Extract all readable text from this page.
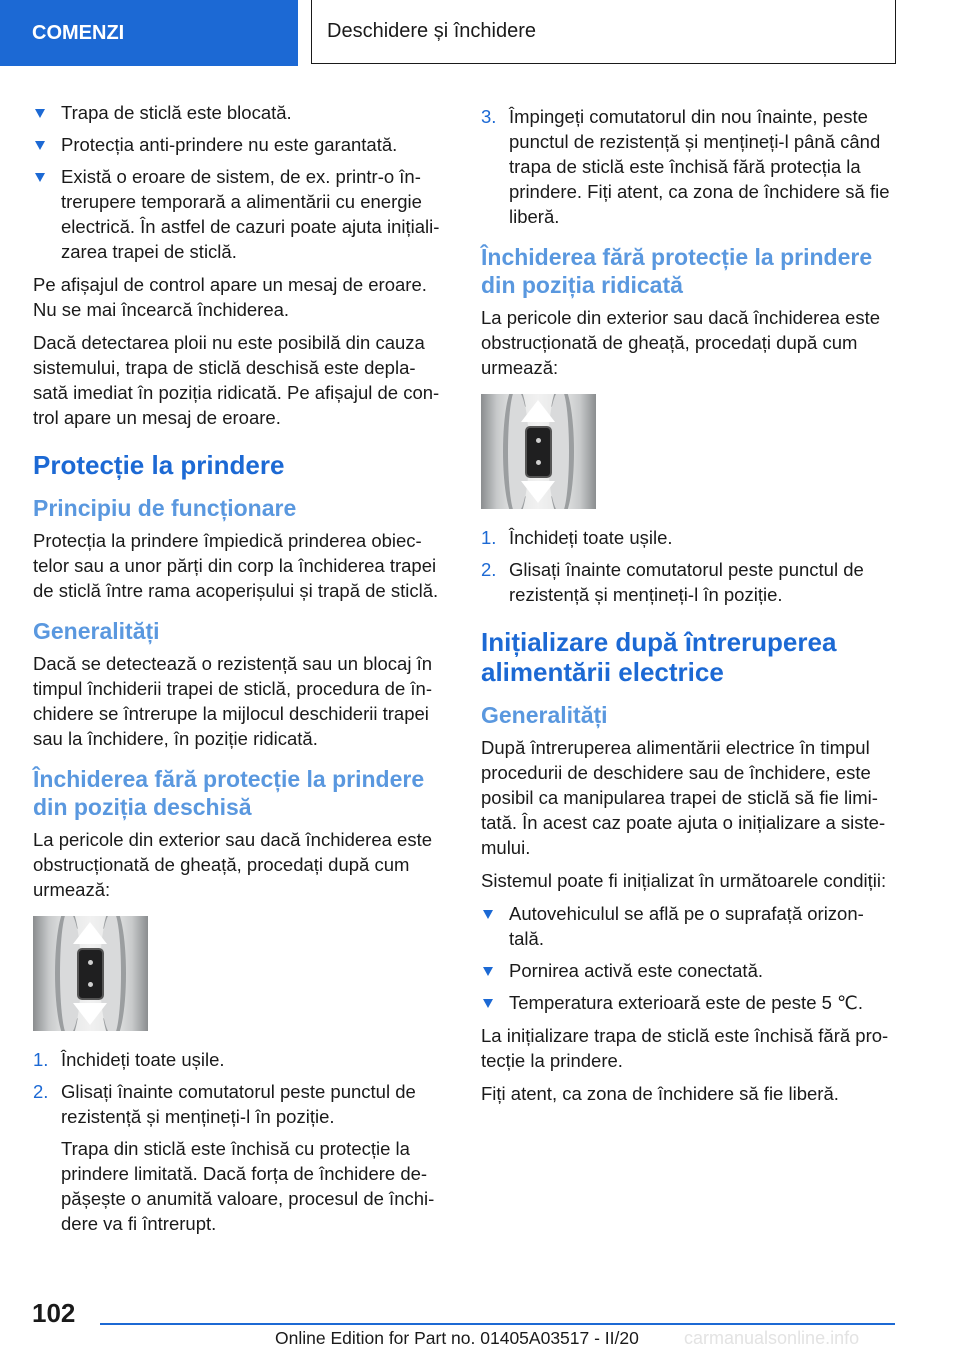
COMENZI	Deschidere și închidere
Trapa de sticlă este blocată.
Protecția anti-prindere nu este garantată.
Există o eroare de sistem, de ex. printr-o în-trerupere temporară a alimentării cu energie electrică. În astfel de cazuri poate ajuta inițiali-zarea trapei de sticlă.

Pe afișajul de control apare un mesaj de eroare. Nu se mai încearcă închiderea.

Dacă detectarea ploii nu este posibilă din cauza sistemului, trapa de sticlă deschisă este depla-sată imediat în poziția ridicată. Pe afișajul de con-trol apare un mesaj de eroare.

Protecție la prindere
Principiu de funcționare

Protecția la prindere împiedică prinderea obiec-telor sau a unor părți din corp la închiderea trapei de sticlă între rama acoperișului și trapă de sticlă.

Generalități

Dacă se detectează o rezistență sau un blocaj în timpul închiderii trapei de sticlă, procedura de în-chidere se întrerupe la mijlocul deschiderii trapei sau la închidere, în poziție ridicată.

Închiderea fără protecție la prindere din poziția deschisă

La pericole din exterior sau dacă închiderea este obstrucționată de gheață, procedați după cum urmează:

1. Închideți toate ușile.
2. Glisați înainte comutatorul peste punctul de rezistență și mențineți-l în poziție.
Trapa din sticlă este închisă cu protecție la prindere limitată. Dacă forța de închidere de-pășește o anumită valoare, procesul de închi-dere va fi întrerupt.
3. Împingeți comutatorul din nou înainte, peste punctul de rezistență și mențineți-l până când trapa de sticlă este închisă fără protecția la prindere. Fiți atent, ca zona de închidere să fie liberă.
Închiderea fără protecție la prindere din poziția ridicată

La pericole din exterior sau dacă închiderea este obstrucționată de gheață, procedați după cum urmează:

1. Închideți toate ușile.
2. Glisați înainte comutatorul peste punctul de rezistență și mențineți-l în poziție.
Inițializare după întreruperea alimentării electrice
Generalități

După întreruperea alimentării electrice în timpul procedurii de deschidere sau de închidere, este posibil ca manipularea trapei de sticlă să fie limi-tată. În acest caz poate ajuta o inițializare a siste-mului.

Sistemul poate fi inițializat în următoarele condiții:

Autovehiculul se află pe o suprafață orizon-tală.
Pornirea activă este conectată.
Temperatura exterioară este de peste 5 ℃.

La inițializare trapa de sticlă este închisă fără pro-tecție la prindere.

Fiți atent, ca zona de închidere să fie liberă.

102
carmanualsonline.info
Online Edition for Part no. 01405A03517 - II/20
